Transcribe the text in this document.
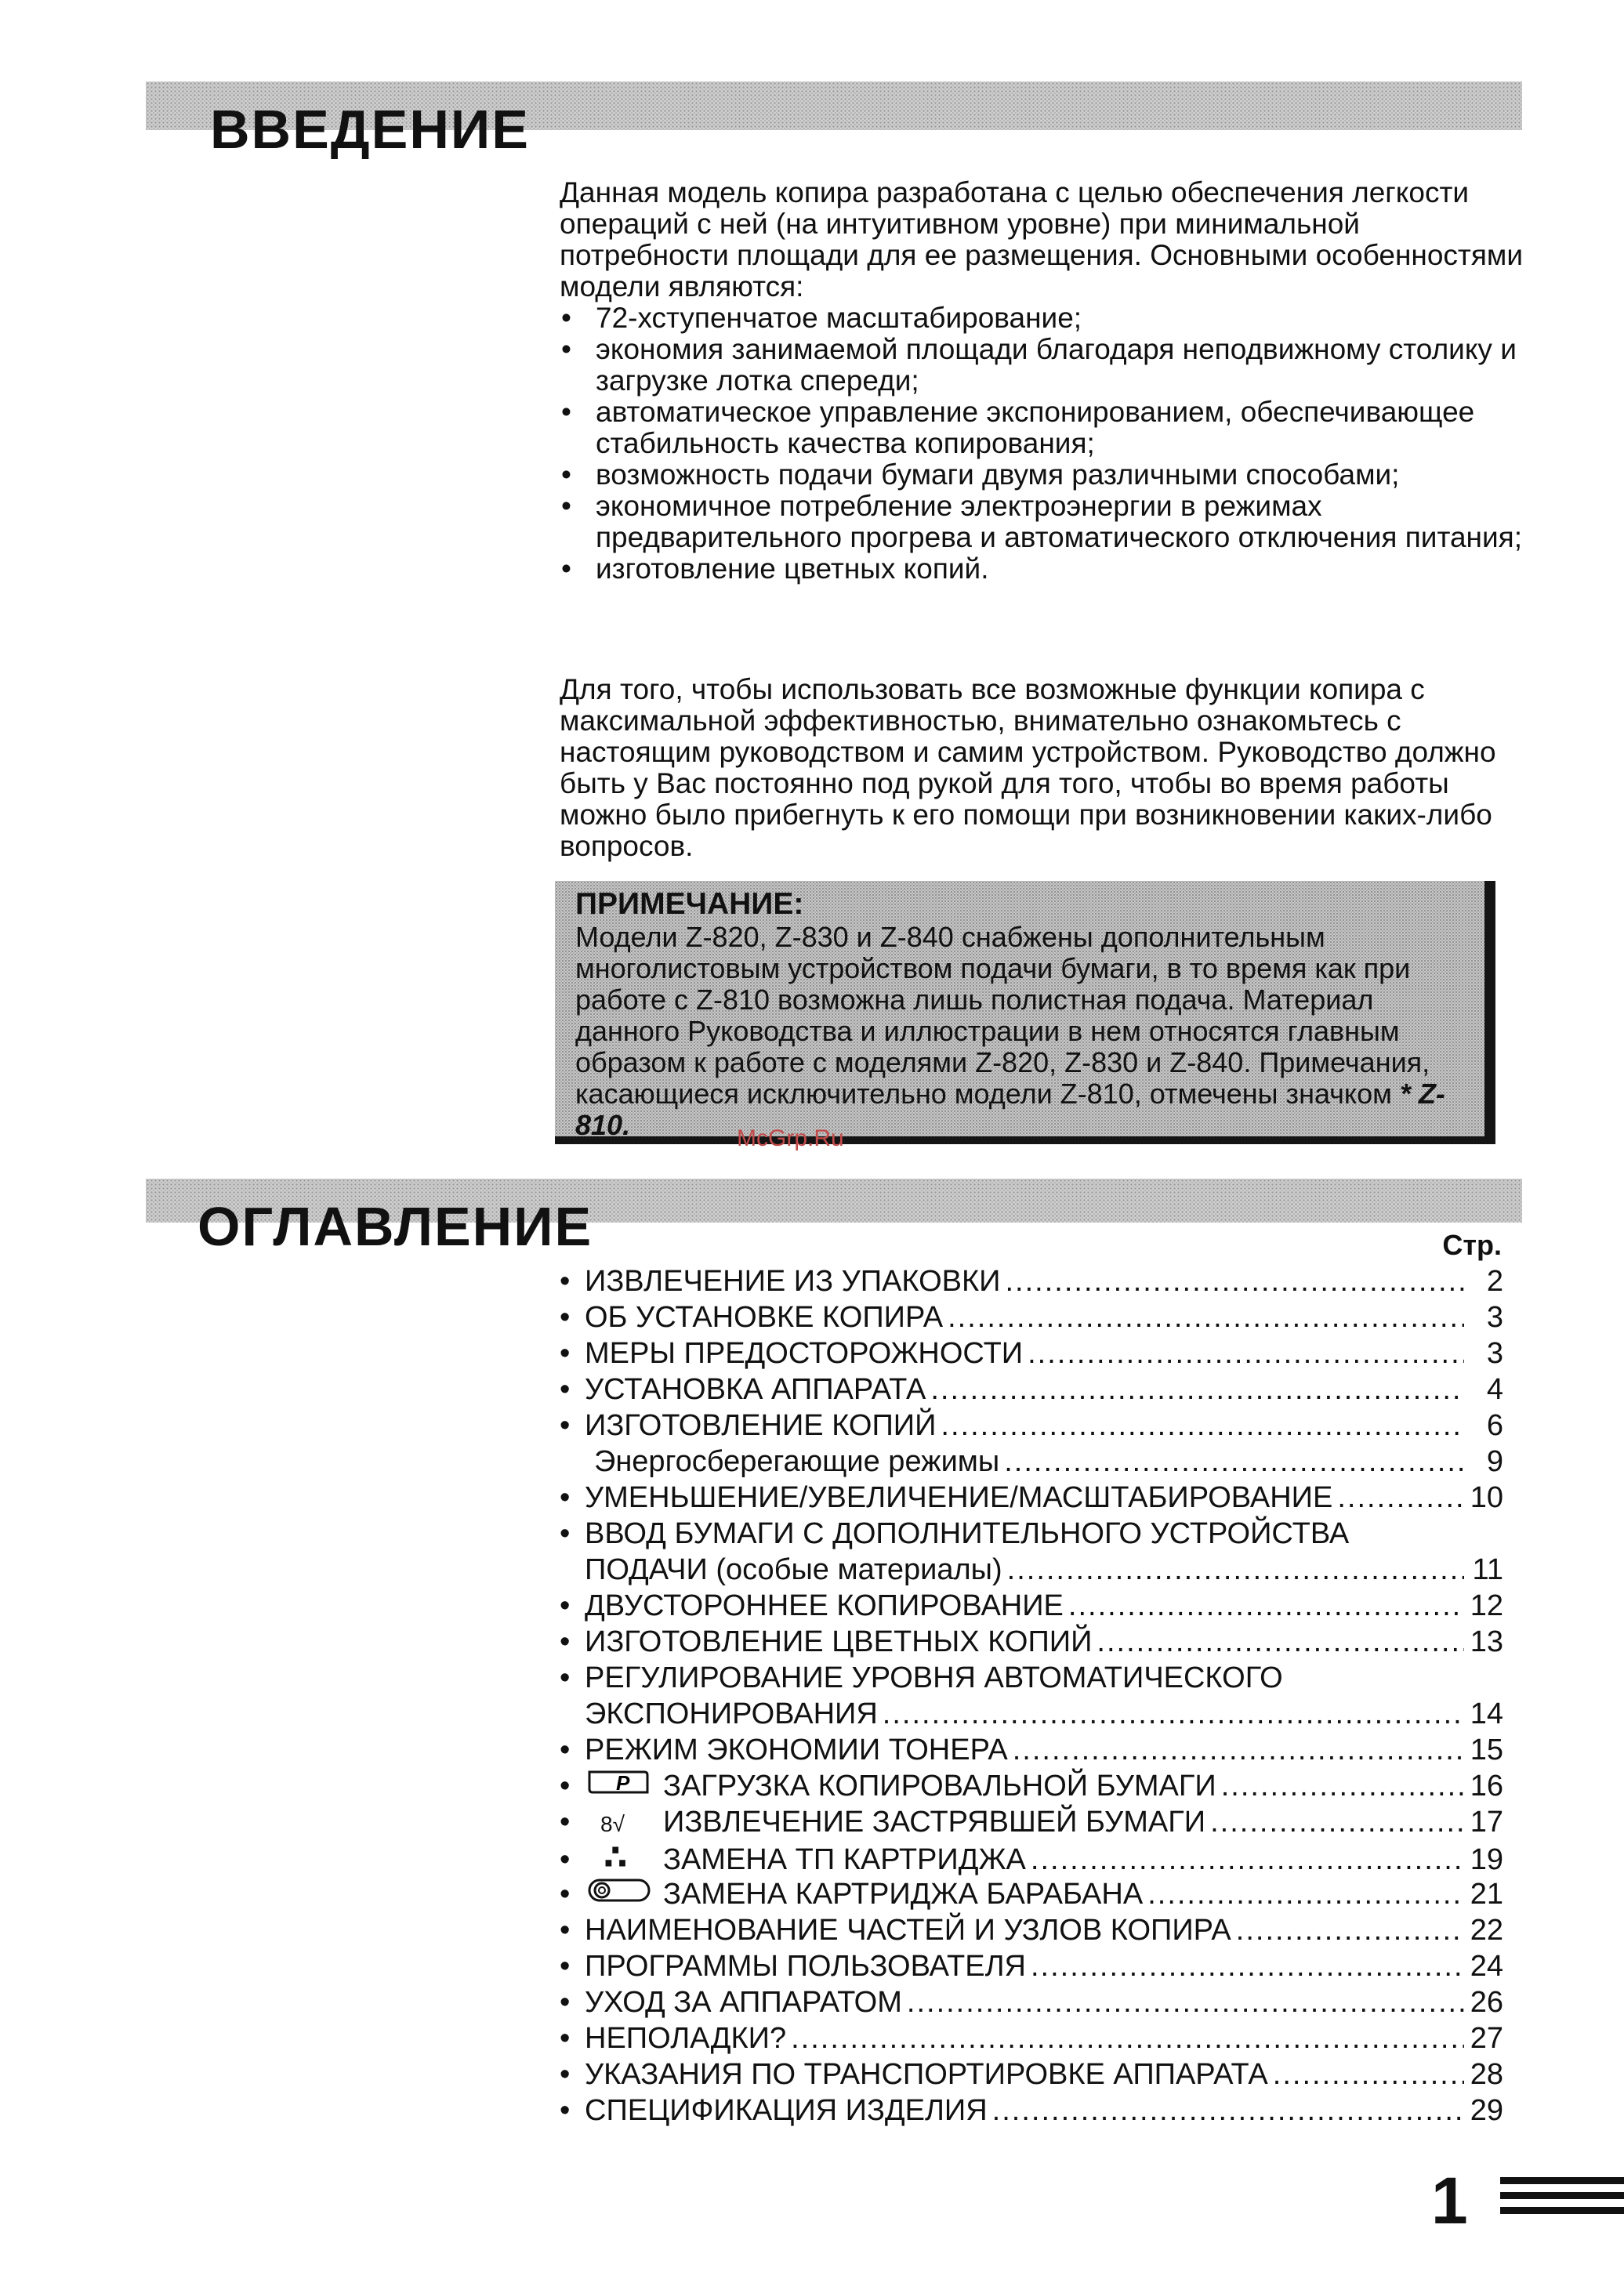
ВВЕДЕНИЕ

Данная модель копира разработана с целью обеспечения легкости операций с ней (на интуитивном уровне) при минимальной потребности площади для ее размещения. Основными особенностями модели являются:

• 72-хступенчатое масштабирование;
• экономия занимаемой площади благодаря неподвижному столику и загрузке лотка спереди;
• автоматическое управление экспонированием, обеспечивающее стабильность качества копирования;
• возможность подачи бумаги двумя различными способами;
• экономичное потребление электроэнергии в режимах предварительного прогрева и автоматического отключения питания;
• изготовление цветных копий.

Для того, чтобы использовать все возможные функции копира с максимальной эффективностью, внимательно ознакомьтесь с настоящим руководством и самим устройством. Руководство должно быть у Вас постоянно под рукой для того, чтобы во время работы можно было прибегнуть к его помощи при возникновении каких-либо вопросов.

ПРИМЕЧАНИЕ:

Модели Z-820, Z-830 и Z-840 снабжены дополнительным многолистовым устройством подачи бумаги, в то время как при работе с Z-810 возможна лишь полистная подача. Материал данного Руководства и иллюстрации в нем относятся главным образом к работе с моделями Z-820, Z-830 и Z-840. Примечания, касающиеся исключительно модели Z-810, отмечены значком * Z-810.	McGrp.Ru
ОГЛАВЛЕНИЕ	Стр.
• ИЗВЛЕЧЕНИЕ ИЗ УПАКОВКИ .....	2
• ОБ УСТАНОВКЕ КОПИРА .....	3
• МЕРЫ ПРЕДОСТОРОЖНОСТИ .....	3
• УСТАНОВКА АППАРАТА .....	4
• ИЗГОТОВЛЕНИЕ КОПИЙ .....	6
Энергосберегающие режимы .....	9
• УМЕНЬШЕНИЕ/УВЕЛИЧЕНИЕ/МАСШТАБИРОВАНИЕ .....	10
• ВВОД БУМАГИ С ДОПОЛНИТЕЛЬНОГО УСТРОЙСТВА
ПОДАЧИ (особые материалы) .....	11
• ДВУСТОРОННЕЕ КОПИРОВАНИЕ .....	12
• ИЗГОТОВЛЕНИЕ ЦВЕТНЫХ КОПИЙ .....	13
• РЕГУЛИРОВАНИЕ УРОВНЯ АВТОМАТИЧЕСКОГО
ЭКСПОНИРОВАНИЯ .....	14
• РЕЖИМ ЭКОНОМИИ ТОНЕРА .....	15
•	P ЗАГРУЗКА КОПИРОВАЛЬНОЙ БУМАГИ .....	16
•	8√ ИЗВЛЕЧЕНИЕ ЗАСТРЯВШЕЙ БУМАГИ .....	17
• ∴ ЗАМЕНА ТП КАРТРИДЖА .....	19
•	ЗАМЕНА КАРТРИДЖА БАРАБАНА .....	21
• НАИМЕНОВАНИЕ ЧАСТЕЙ И УЗЛОВ КОПИРА .....	22
• ПРОГРАММЫ ПОЛЬЗОВАТЕЛЯ .....	24
• УХОД ЗА АППАРАТОМ .....	26
• НЕПОЛАДКИ? .....	27
• УКАЗАНИЯ ПО ТРАНСПОРТИРОВКЕ АППАРАТА .....	28
• СПЕЦИФИКАЦИЯ ИЗДЕЛИЯ .....	29
1
